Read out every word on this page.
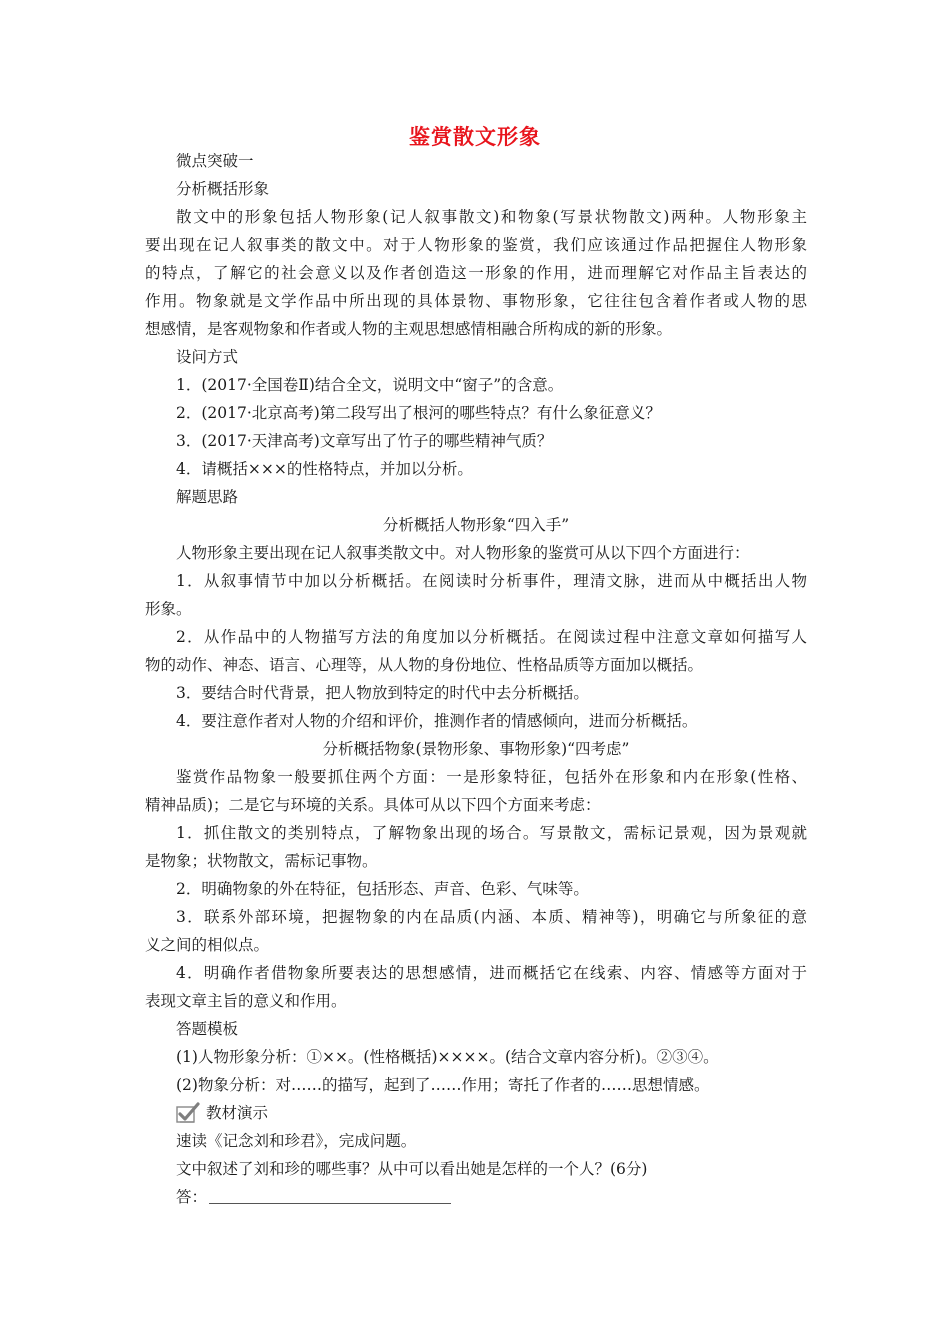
鉴赏散文形象

微点突破一

分析概括形象

散文中的形象包括人物形象(记人叙事散文)和物象(写景状物散文)两种。人物形象主

要出现在记人叙事类的散文中。对于人物形象的鉴赏，我们应该通过作品把握住人物形象

的特点，了解它的社会意义以及作者创造这一形象的作用，进而理解它对作品主旨表达的

作用。物象就是文学作品中所出现的具体景物、事物形象，它往往包含着作者或人物的思

想感情，是客观物象和作者或人物的主观思想感情相融合所构成的新的形象。

设问方式

1．(2017·全国卷Ⅱ)结合全文，说明文中“窗子”的含意。

2．(2017·北京高考)第二段写出了根河的哪些特点？有什么象征意义？

3．(2017·天津高考)文章写出了竹子的哪些精神气质？

4．请概括×××的性格特点，并加以分析。

解题思路

分析概括人物形象“四入手”

人物形象主要出现在记人叙事类散文中。对人物形象的鉴赏可从以下四个方面进行：

1．从叙事情节中加以分析概括。在阅读时分析事件，理清文脉，进而从中概括出人物

形象。

2．从作品中的人物描写方法的角度加以分析概括。在阅读过程中注意文章如何描写人

物的动作、神态、语言、心理等，从人物的身份地位、性格品质等方面加以概括。

3．要结合时代背景，把人物放到特定的时代中去分析概括。

4．要注意作者对人物的介绍和评价，推测作者的情感倾向，进而分析概括。

分析概括物象(景物形象、事物形象)“四考虑”

鉴赏作品物象一般要抓住两个方面：一是形象特征，包括外在形象和内在形象(性格、

精神品质)；二是它与环境的关系。具体可从以下四个方面来考虑：

1．抓住散文的类别特点，了解物象出现的场合。写景散文，需标记景观，因为景观就

是物象；状物散文，需标记事物。

2．明确物象的外在特征，包括形态、声音、色彩、气味等。

3．联系外部环境，把握物象的内在品质(内涵、本质、精神等)，明确它与所象征的意

义之间的相似点。

4．明确作者借物象所要表达的思想感情，进而概括它在线索、内容、情感等方面对于

表现文章主旨的意义和作用。

答题模板

(1)人物形象分析：①××。(性格概括)××××。(结合文章内容分析)。②③④。

(2)物象分析：对……的描写，起到了……作用；寄托了作者的……思想情感。

教材演示

速读《记念刘和珍君》，完成问题。

文中叙述了刘和珍的哪些事？从中可以看出她是怎样的一个人？(6分)

答：
